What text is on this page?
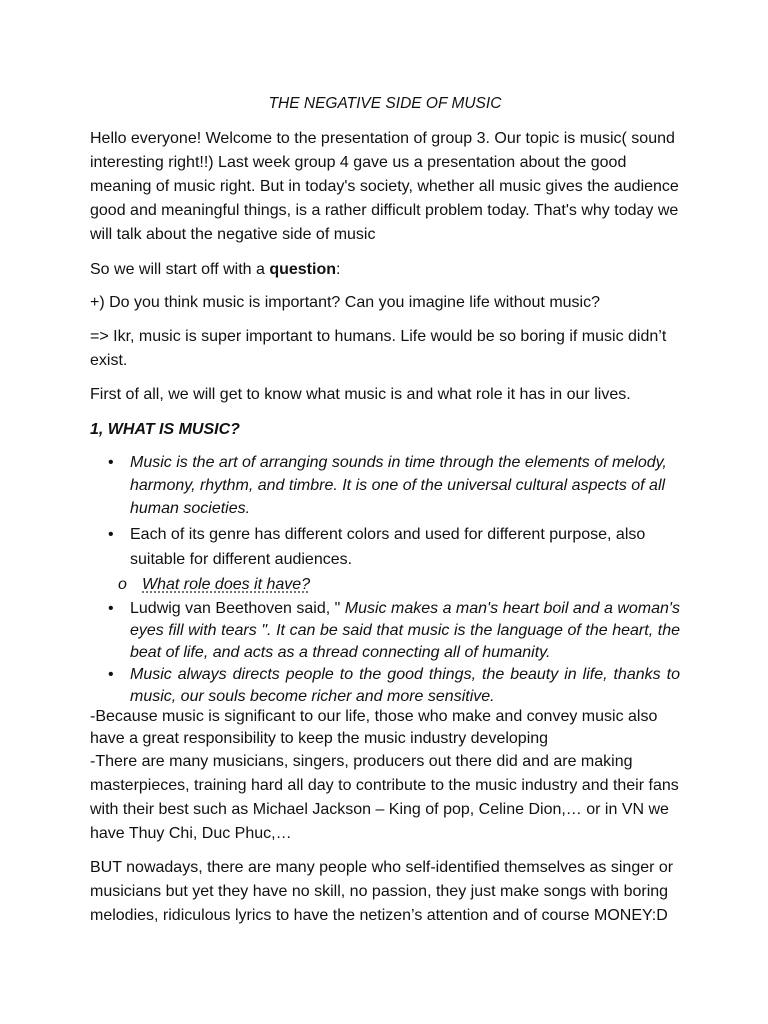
THE NEGATIVE SIDE OF MUSIC

Hello everyone! Welcome to the presentation of group 3. Our topic is music( sound interesting right!!) Last week group 4 gave us a presentation about the good meaning of music right. But in today's society, whether all music gives the audience good and meaningful things, is a rather difficult problem today. That's why today we will talk about the negative side of music

So we will start off with a question:

+) Do you think music is important? Can you imagine life without music?

=> Ikr, music is super important to humans. Life would be so boring if music didn’t exist.

First of all, we will get to know what music is and what role it has in our lives.

1, WHAT IS MUSIC?

• Music is the art of arranging sounds in time through the elements of melody, harmony, rhythm, and timbre. It is one of the universal cultural aspects of all human societies.
• Each of its genre has different colors and used for different purpose, also suitable for different audiences.
o What role does it have?
• Ludwig van Beethoven said, " Music makes a man's heart boil and a woman's eyes fill with tears ". It can be said that music is the language of the heart, the beat of life, and acts as a thread connecting all of humanity.
• Music always directs people to the good things, the beauty in life, thanks to music, our souls become richer and more sensitive.

-Because music is significant to our life, those who make and convey music also have a great responsibility to keep the music industry developing

-There are many musicians, singers, producers out there did and are making masterpieces, training hard all day to contribute to the music industry and their fans with their best such as Michael Jackson – King of pop, Celine Dion,… or in VN we have Thuy Chi, Duc Phuc,…

BUT nowadays, there are many people who self-identified themselves as singer or musicians but yet they have no skill, no passion, they just make songs with boring melodies, ridiculous lyrics to have the netizen’s attention and of course MONEY:D
